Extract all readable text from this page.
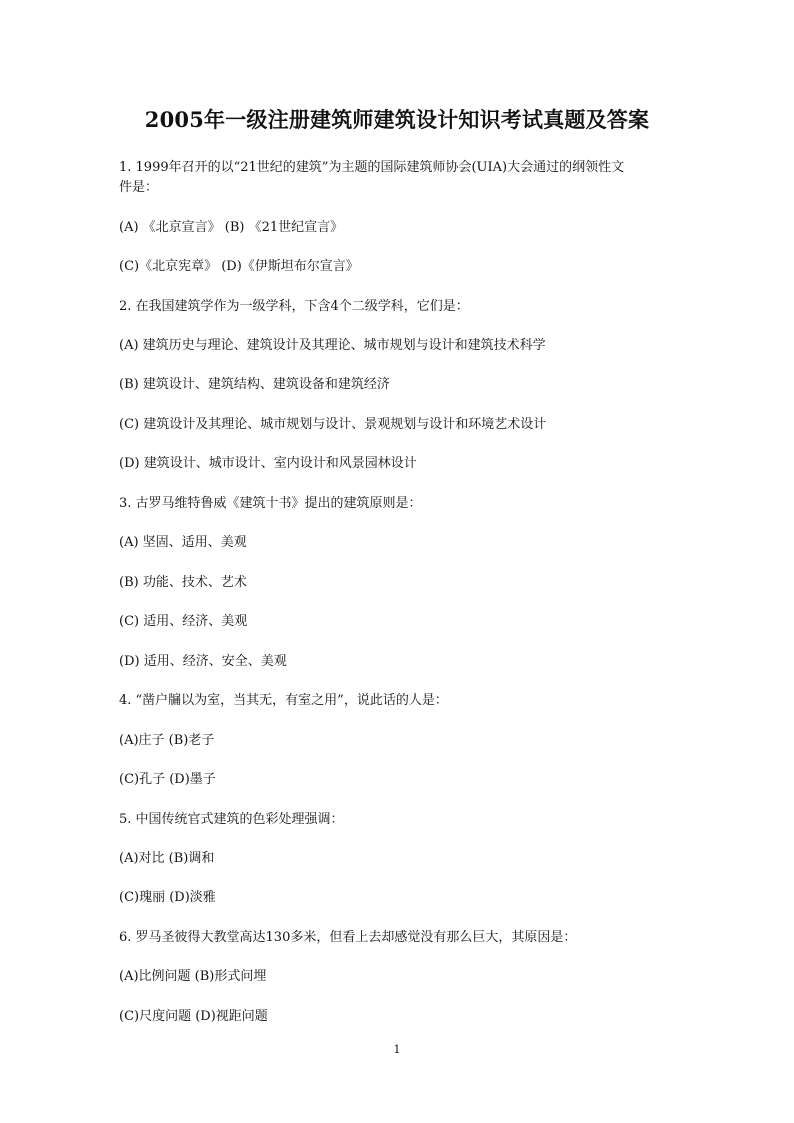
2005年一级注册建筑师建筑设计知识考试真题及答案
1. 1999年召开的以“21世纪的建筑”为主题的国际建筑师协会(UIA)大会通过的纲领性文
件是：
(A) 《北京宣言》 (B) 《21世纪宣言》
(C)《北京宪章》 (D)《伊斯坦布尔宣言》
2. 在我国建筑学作为一级学科，下含4个二级学科，它们是：
(A) 建筑历史与理论、建筑设计及其理论、城市规划与设计和建筑技术科学
(B) 建筑设计、建筑结构、建筑设备和建筑经济
(C) 建筑设计及其理论、城市规划与设计、景观规划与设计和环境艺术设计
(D) 建筑设计、城市设计、室内设计和风景园林设计
3. 古罗马维特鲁威《建筑十书》提出的建筑原则是：
(A) 坚固、适用、美观
(B) 功能、技术、艺术
(C) 适用、经济、美观
(D) 适用、经济、安全、美观
4. “凿户牖以为室，当其无，有室之用”，说此话的人是：
(A)庄子 (B)老子
(C)孔子 (D)墨子
5. 中国传统官式建筑的色彩处理强调：
(A)对比 (B)调和
(C)瑰丽 (D)淡雅
6. 罗马圣彼得大教堂高达130多米，但看上去却感觉没有那么巨大，其原因是：
(A)比例问题 (B)形式问埋
(C)尺度问题 (D)视距问题
1
